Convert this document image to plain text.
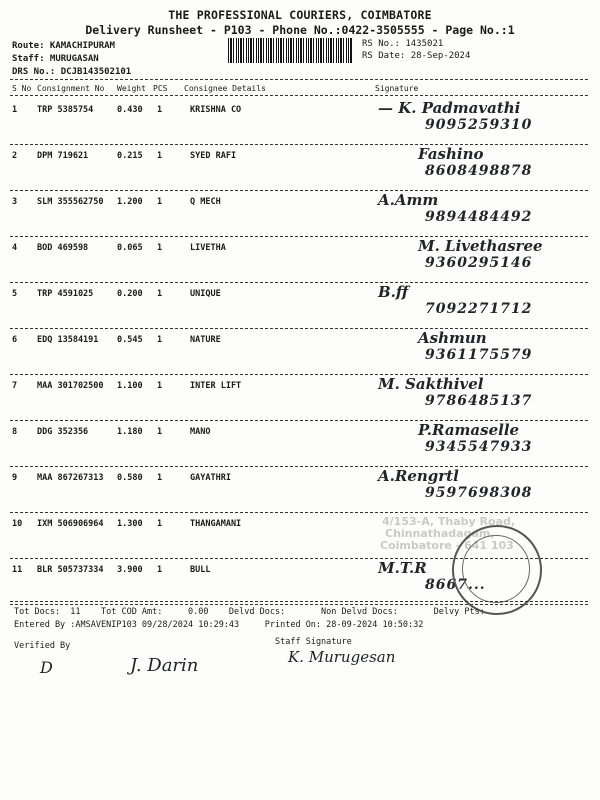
THE PROFESSIONAL COURIERS, COIMBATORE
Delivery Runsheet - P103 - Phone No.:0422-3505555 - Page No.:1
Route: KAMACHIPURAM
Staff: MURUGASAN
DRS No.: DCJB143502101
RS No.: 1435021
RS Date: 28-Sep-2024
S No Consignment No Weight PCS Consignee Details	Signature
1 TRP 5385754	0.430 1	KRISHNA CO	— K. Padmavathi
9095259310
2 DPM 719621	0.215 1	SYED RAFI	Fashino
8608498878
3 SLM 355562750 1.200 1	Q MECH	A.Amm
9894484492
4 BOD 469598	0.065 1	LIVETHA	M. Livethasree
9360295146
5 TRP 4591025	0.200 1	UNIQUE	B.ff
7092271712
6 EDQ 13584191 0.545 1	NATURE	Ashmun
9361175579
7 MAA 301702500 1.100 1	INTER LIFT	M. Sakthivel
9786485137
8 DDG 352356	1.180 1	MANO	P.Ramaselle
9345547933
9 MAA 867267313 0.580 1	GAYATHRI	A.Rengrtl
9597698308
10 IXM 506906964 1.300 1	THANGAMANI
11 BLR 505737334 3.900 1	BULL	M.T.R
8667...
4/153-A, Thaby Road,
Chinnathadagam,
Coimbatore - 641 103
Tot Docs:  11    Tot COD Amt:     0.00    Delvd Docs:       Non Delvd Docs:       Delvy Pts:
Entered By :AMSAVENIP103 09/28/2024 10:29:43     Printed On: 28-09-2024 10:50:32
Verified By	Staff Signature
D	J. Darin	K. Murugesan
